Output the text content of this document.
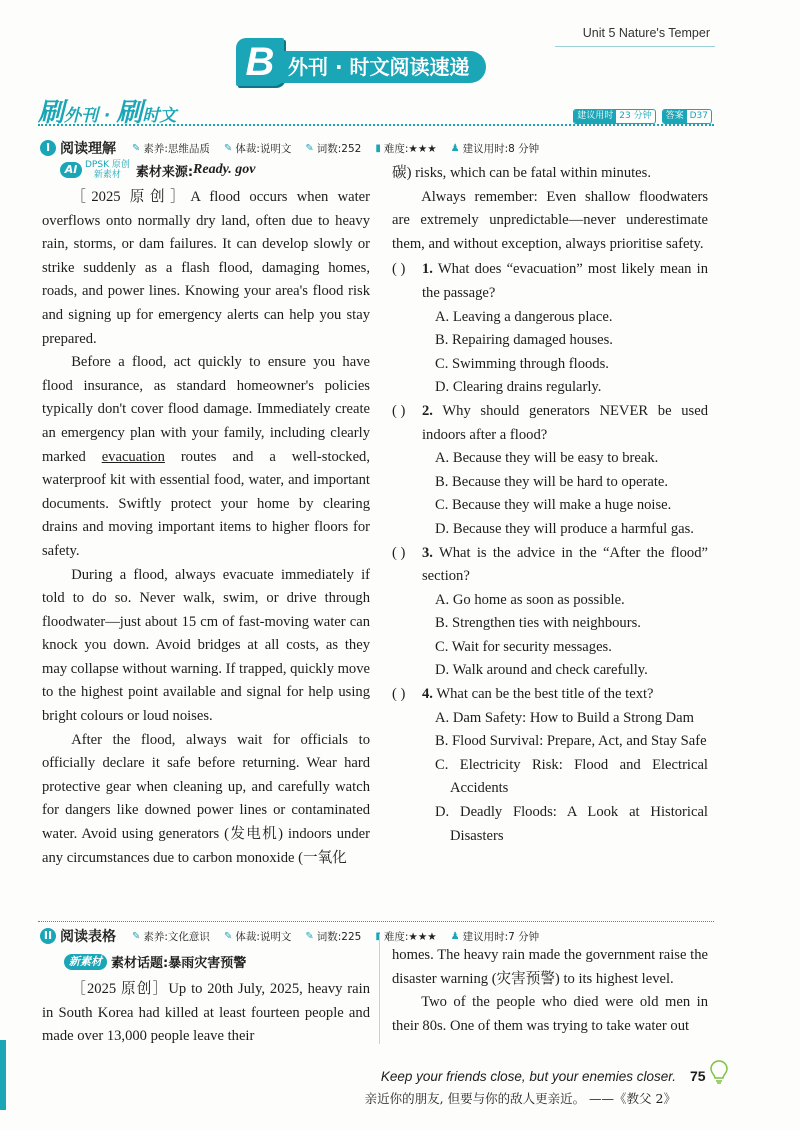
Unit 5 Nature's Temper
B 外刊 · 时文阅读速递
刷外刊 · 刷时文	建议用时 23 分钟	答案 D37
I 阅读理解 ✎ 素养:思维品质 ✎ 体裁:说明文 ✎ 词数:252 ▮ 难度:★★★ ♟ 建议用时:8 分钟
AI DPSK 原创
新素材	素材来源: Ready. gov

［2025 原创］A flood occurs when water overflows onto normally dry land, often due to heavy rain, storms, or dam failures. It can develop slowly or strike suddenly as a flash flood, damaging homes, roads, and power lines. Knowing your area's flood risk and signing up for emergency alerts can help you stay prepared.

Before a flood, act quickly to ensure you have flood insurance, as standard homeowner's policies typically don't cover flood damage. Immediately create an emergency plan with your family, including clearly marked evacuation routes and a well-stocked, waterproof kit with essential food, water, and important documents. Swiftly protect your home by clearing drains and moving important items to higher floors for safety.

During a flood, always evacuate immediately if told to do so. Never walk, swim, or drive through floodwater—just about 15 cm of fast-moving water can knock you down. Avoid bridges at all costs, as they may collapse without warning. If trapped, quickly move to the highest point available and signal for help using bright colours or loud noises.

After the flood, always wait for officials to officially declare it safe before returning. Wear hard protective gear when cleaning up, and carefully watch for dangers like downed power lines or contaminated water. Avoid using generators (发电机) indoors under any circumstances due to carbon monoxide (一氧化

碳) risks, which can be fatal within minutes.

Always remember: Even shallow floodwaters are extremely unpredictable—never underestimate them, and without exception, always prioritise safety.

( )	1. What does “evacuation” most likely mean in the passage?
A. Leaving a dangerous place.
B. Repairing damaged houses.
C. Swimming through floods.
D. Clearing drains regularly.
( )	2. Why should generators NEVER be used indoors after a flood?
A. Because they will be easy to break.
B. Because they will be hard to operate.
C. Because they will make a huge noise.
D. Because they will produce a harmful gas.
( )	3. What is the advice in the “After the flood” section?
A. Go home as soon as possible.
B. Strengthen ties with neighbours.
C. Wait for security messages.
D. Walk around and check carefully.
( )	4. What can be the best title of the text?
A. Dam Safety: How to Build a Strong Dam
B. Flood Survival: Prepare, Act, and Stay Safe
C. Electricity Risk: Flood and Electrical Accidents
D. Deadly Floods: A Look at Historical Disasters
II 阅读表格 ✎ 素养:文化意识 ✎ 体裁:说明文 ✎ 词数:225 ▮ 难度:★★★ ♟ 建议用时:7 分钟
新素材 素材话题:暴雨灾害预警

［2025 原创］Up to 20th July, 2025, heavy rain in South Korea had killed at least fourteen people and made over 13,000 people leave their

homes. The heavy rain made the government raise the disaster warning (灾害预警) to its highest level.

Two of the people who died were old men in their 80s. One of them was trying to take water out

Keep your friends close, but your enemies closer.
亲近你的朋友, 但要与你的敌人更亲近。 ——《教父 2》
75
